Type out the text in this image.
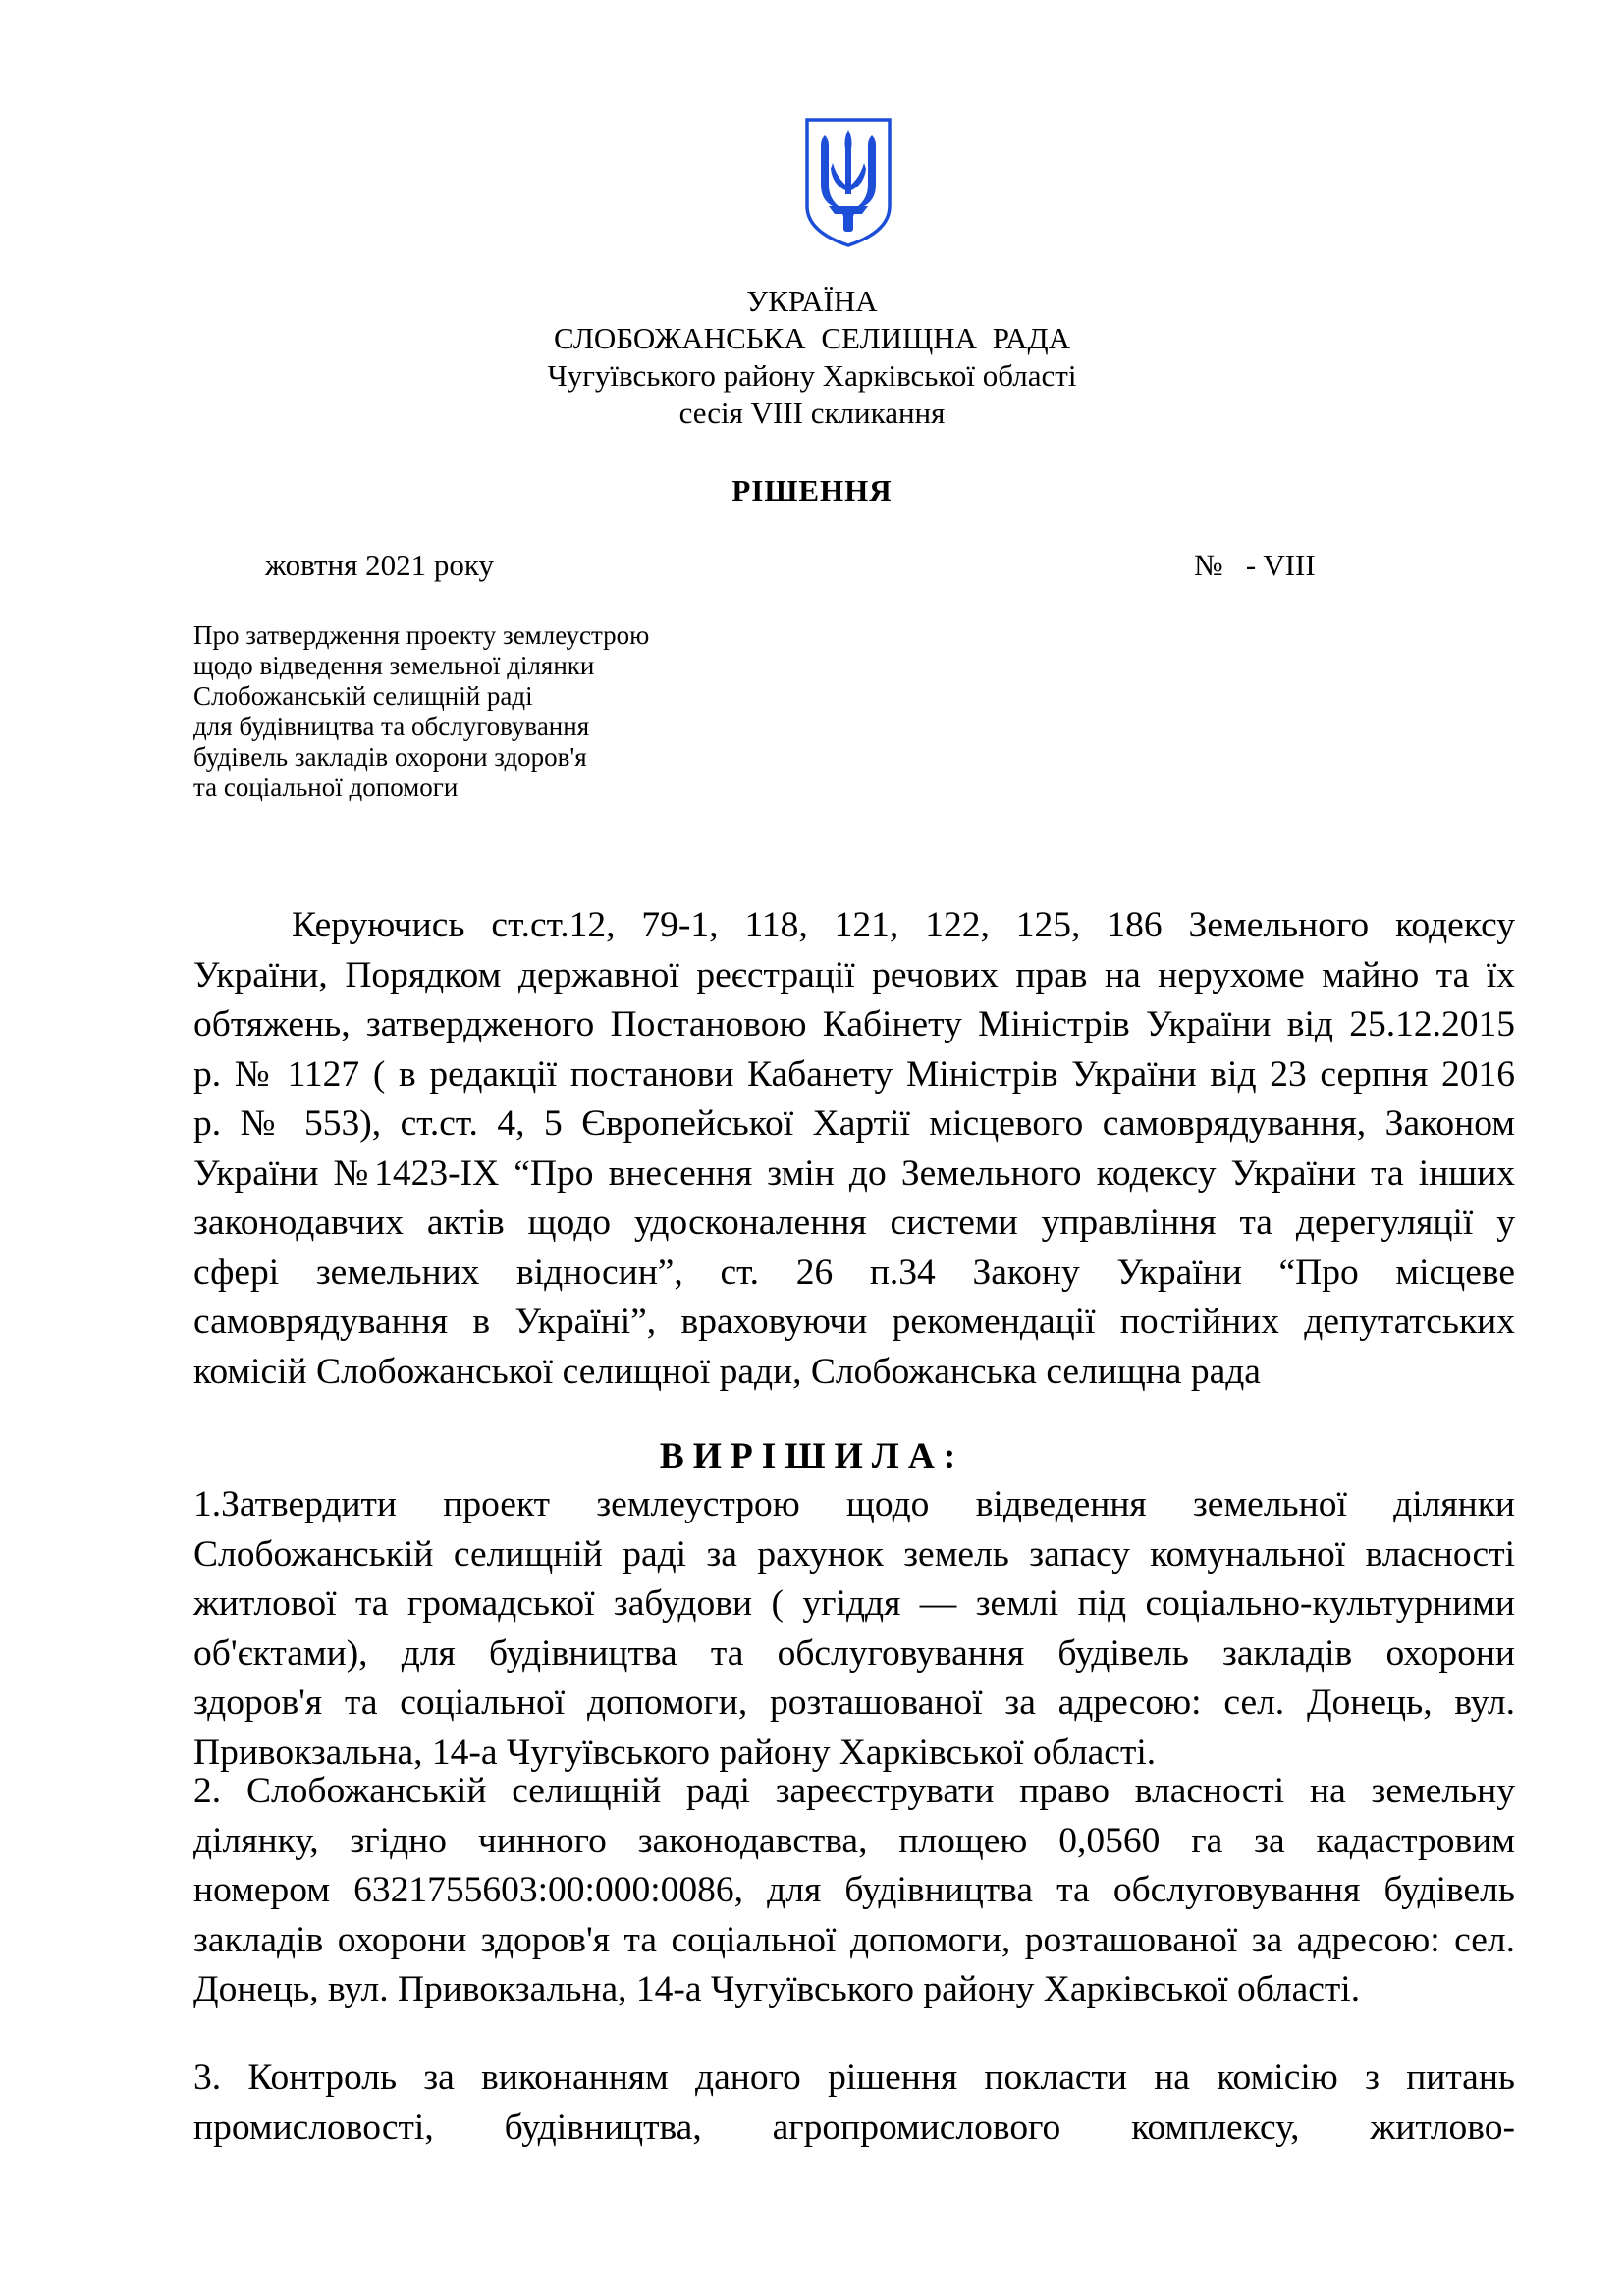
УКРАЇНА
СЛОБОЖАНСЬКА СЕЛИЩНА РАДА
Чугуївського району Харківської області
сесія VIII скликання
РІШЕННЯ
жовтня 2021 року	№   - VIII
Про затвердження проекту землеустрою
щодо відведення земельної ділянки
Слобожанській селищній раді
для будівництва та обслуговування
будівель закладів охорони здоров'я
та соціальної допомоги
Керуючись ст.ст.12, 79-1, 118, 121, 122, 125, 186 Земельного кодексу
України, Порядком державної реєстрації речових прав на нерухоме майно та їх
обтяжень, затвердженого Постановою Кабінету Міністрів України від 25.12.2015
р. № 1127 ( в редакції постанови Кабанету Міністрів України від 23 серпня 2016
р. № 553), ст.ст. 4, 5 Європейської Хартії місцевого самоврядування, Законом
України №1423-IX “Про внесення змін до Земельного кодексу України та інших
законодавчих актів щодо удосконалення системи управління та дерегуляції у
сфері земельних відносин”, ст. 26 п.34 Закону України “Про місцеве
самоврядування в Україні”, враховуючи рекомендації постійних депутатських
комісій Слобожанської селищної ради, Слобожанська селищна рада
ВИРІШИЛА:
1.Затвердити проект землеустрою щодо відведення земельної ділянки
Слобожанській селищній раді за рахунок земель запасу комунальної власності
житлової та громадської забудови ( угіддя — землі під соціально-культурними
об'єктами), для будівництва та обслуговування будівель закладів охорони
здоров'я та соціальної допомоги, розташованої за адресою: сел. Донець, вул.
Привокзальна, 14-а Чугуївського району Харківської області.
2. Слобожанській селищній раді зареєструвати право власності на земельну
ділянку, згідно чинного законодавства, площею 0,0560 га за кадастровим
номером 6321755603:00:000:0086, для будівництва та обслуговування будівель
закладів охорони здоров'я та соціальної допомоги, розташованої за адресою: сел.
Донець, вул. Привокзальна, 14-а Чугуївського району Харківської області.
3. Контроль за виконанням даного рішення покласти на комісію з питань
промисловості, будівництва, агропромислового комплексу, житлово-
